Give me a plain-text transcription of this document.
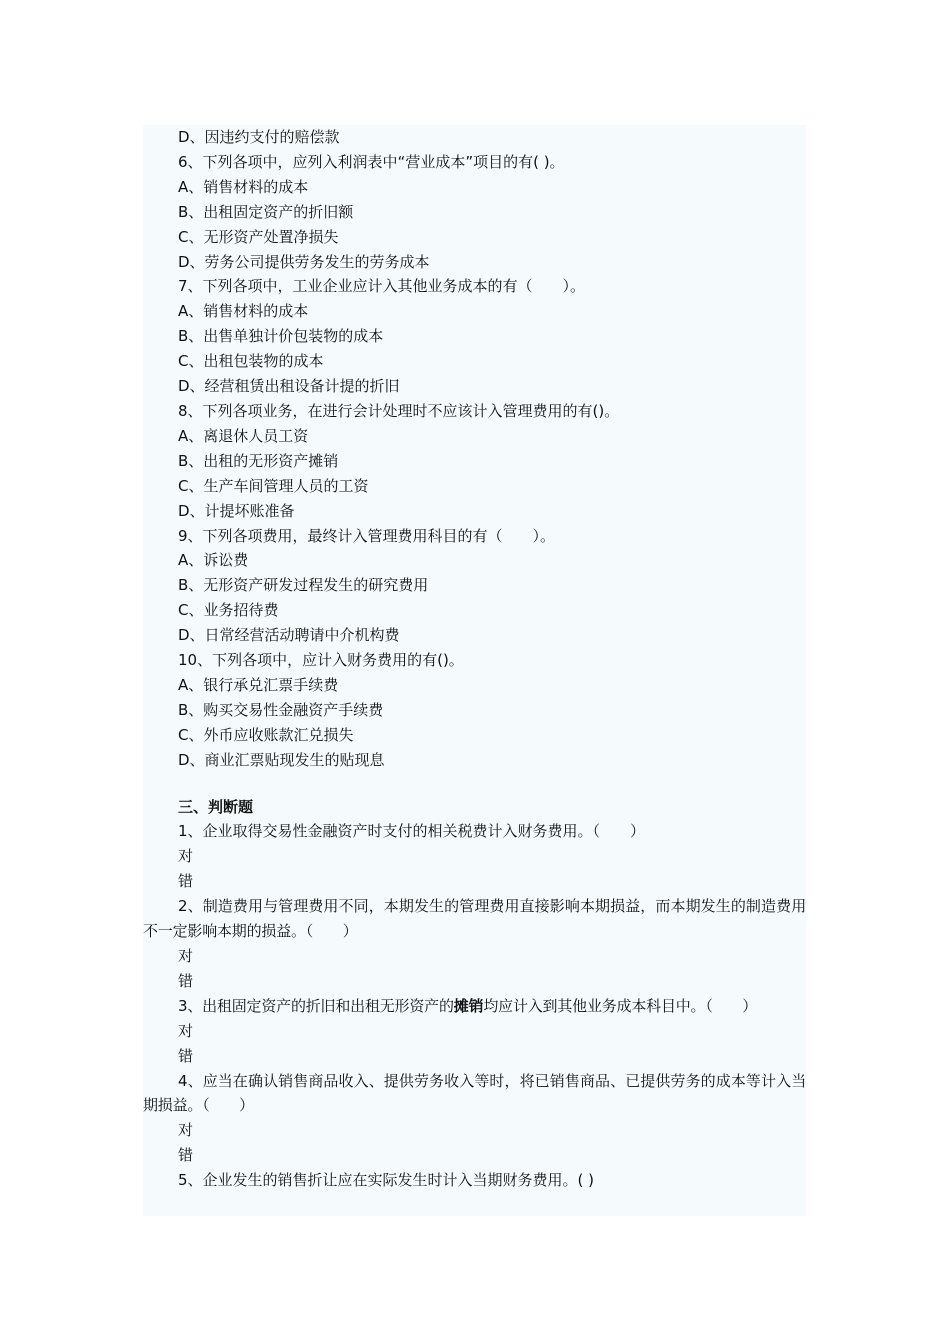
D、因违约支付的赔偿款
6、下列各项中，应列入利润表中“营业成本”项目的有( )。
A、销售材料的成本
B、出租固定资产的折旧额
C、无形资产处置净损失
D、劳务公司提供劳务发生的劳务成本
7、下列各项中，工业企业应计入其他业务成本的有（　　）。
A、销售材料的成本
B、出售单独计价包装物的成本
C、出租包装物的成本
D、经营租赁出租设备计提的折旧
8、下列各项业务，在进行会计处理时不应该计入管理费用的有()。
A、离退休人员工资
B、出租的无形资产摊销
C、生产车间管理人员的工资
D、计提坏账准备
9、下列各项费用，最终计入管理费用科目的有（　　）。
A、诉讼费
B、无形资产研发过程发生的研究费用
C、业务招待费
D、日常经营活动聘请中介机构费
10、下列各项中，应计入财务费用的有()。
A、银行承兑汇票手续费
B、购买交易性金融资产手续费
C、外币应收账款汇兑损失
D、商业汇票贴现发生的贴现息
三、判断题
1、企业取得交易性金融资产时支付的相关税费计入财务费用。（　　）
对
错
2、制造费用与管理费用不同，本期发生的管理费用直接影响本期损益，而本期发生的制造费用不一定影响本期的损益。（　　）
对
错
3、出租固定资产的折旧和出租无形资产的摊销均应计入到其他业务成本科目中。（　　）
对
错
4、应当在确认销售商品收入、提供劳务收入等时，将已销售商品、已提供劳务的成本等计入当期损益。（　　）
对
错
5、企业发生的销售折让应在实际发生时计入当期财务费用。( )
